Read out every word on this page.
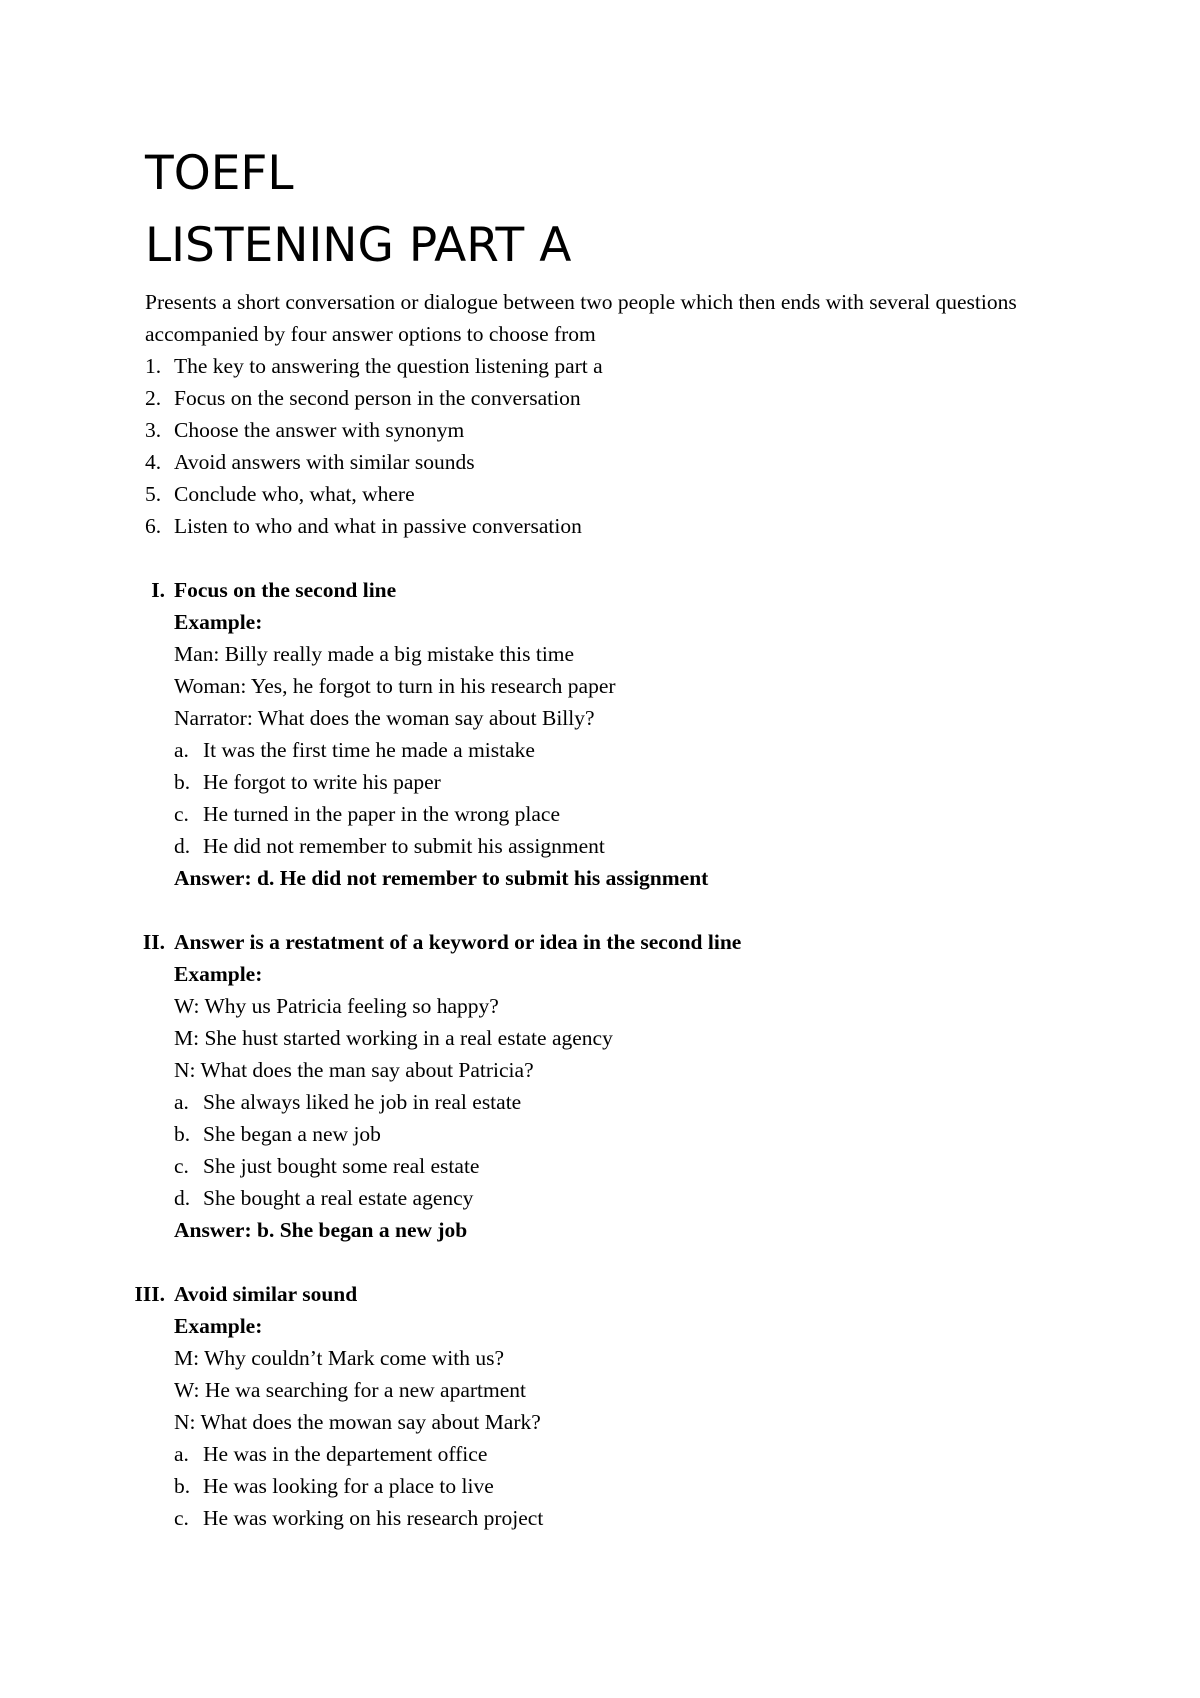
TOEFL
LISTENING PART A

Presents a short conversation or dialogue between two people which then ends with several questions accompanied by four answer options to choose from

1. The key to answering the question listening part a
2. Focus on the second person in the conversation
3. Choose the answer with synonym
4. Avoid answers with similar sounds
5. Conclude who, what, where
6. Listen to who and what in passive conversation
I. Focus on the second line
Example:
Man: Billy really made a big mistake this time
Woman: Yes, he forgot to turn in his research paper
Narrator: What does the woman say about Billy?
a. It was the first time he made a mistake
b. He forgot to write his paper
c. He turned in the paper in the wrong place
d. He did not remember to submit his assignment
Answer: d. He did not remember to submit his assignment
II. Answer is a restatment of a keyword or idea in the second line
Example:
W: Why us Patricia feeling so happy?
M: She hust started working in a real estate agency
N: What does the man say about Patricia?
a. She always liked he job in real estate
b. She began a new job
c. She just bought some real estate
d. She bought a real estate agency
Answer: b. She began a new job
III. Avoid similar sound
Example:
M: Why couldn’t Mark come with us?
W: He wa searching for a new apartment
N: What does the mowan say about Mark?
a. He was in the departement office
b. He was looking for a place to live
c. He was working on his research project
